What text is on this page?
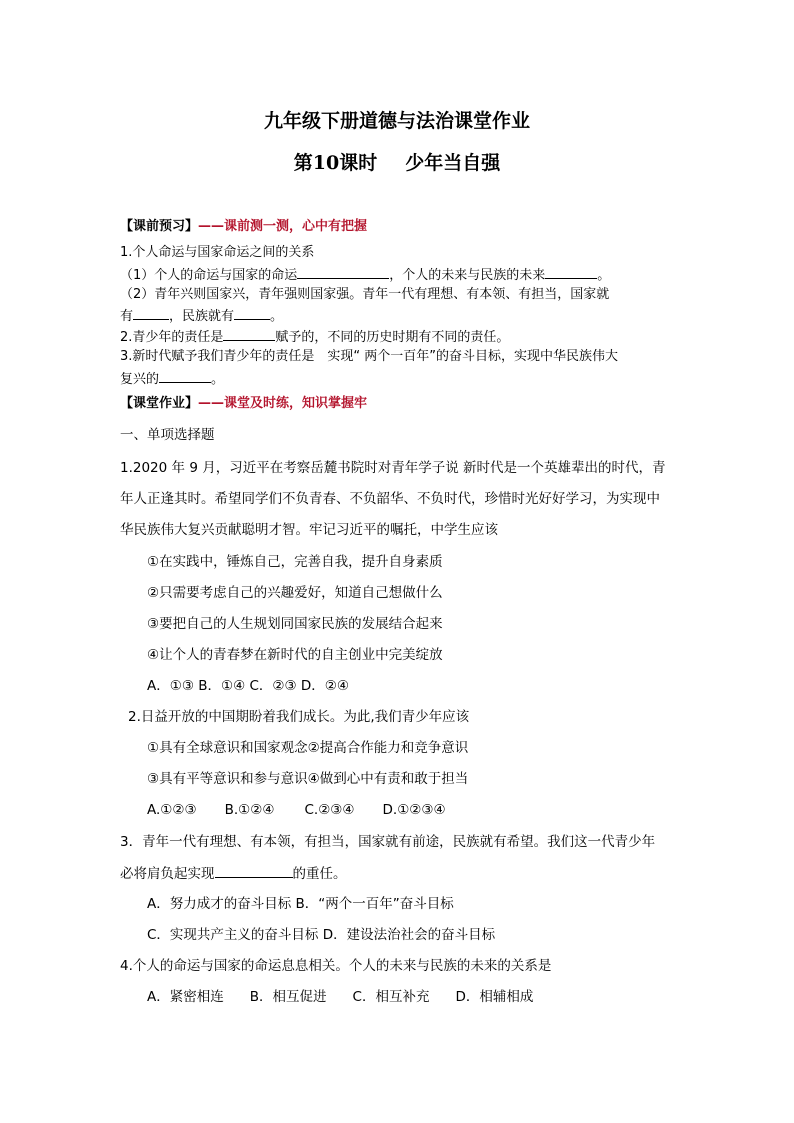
九年级下册道德与法治课堂作业
第10课时 少年当自强
【课前预习】——课前测一测，心中有把握
1.个人命运与国家命运之间的关系
（1）个人的命运与国家的命运	，个人的未来与民族的未来	。
（2）青年兴则国家兴，青年强则国家强。青年一代有理想、有本领、有担当，国家就
有	，民族就有	。
2.青少年的责任是	赋予的，不同的历史时期有不同的责任。
3.新时代赋予我们青少年的责任是　实现“ 两个一百年”的奋斗目标，实现中华民族伟大
复兴的	。
【课堂作业】——课堂及时练，知识掌握牢
一、单项选择题
1.2020 年 9 月，习近平在考察岳麓书院时对青年学子说 新时代是一个英雄辈出的时代，青
年人正逢其时。希望同学们不负青春、不负韶华、不负时代，珍惜时光好好学习，为实现中
华民族伟大复兴贡献聪明才智。牢记习近平的嘱托，中学生应该
①在实践中，锤炼自己，完善自我，提升自身素质
②只需要考虑自己的兴趣爱好，知道自己想做什么
③要把自己的人生规划同国家民族的发展结合起来
④让个人的青春梦在新时代的自主创业中完美绽放
A．①③ B．①④ C．②③ D．②④
2.日益开放的中国期盼着我们成长。为此,我们青少年应该
①具有全球意识和国家观念②提高合作能力和竞争意识
③具有平等意识和参与意识④做到心中有责和敢于担当
A.①②③ B.①②④ C.②③④ D.①②③④
3．青年一代有理想、有本领，有担当，国家就有前途，民族就有希望。我们这一代青少年
必将肩负起实现	的重任。
A．努力成才的奋斗目标 B．“两个一百年”奋斗目标
C．实现共产主义的奋斗目标 D．建设法治社会的奋斗目标
4.个人的命运与国家的命运息息相关。个人的未来与民族的未来的关系是
A．紧密相连 B．相互促进 C．相互补充 D．相辅相成
